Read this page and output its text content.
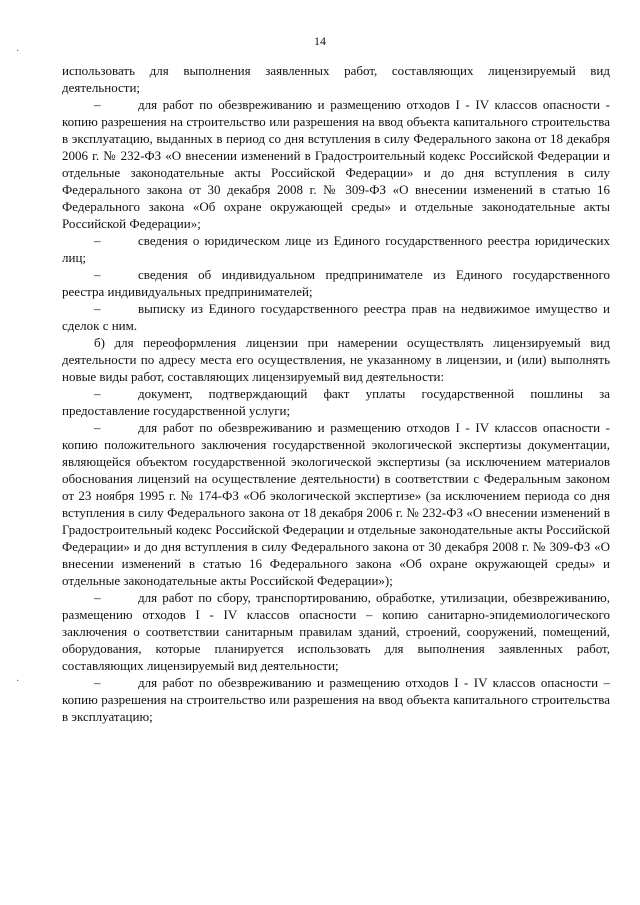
14
·
·

использовать для выполнения заявленных работ, составляющих лицензируемый вид деятельности;

–	для работ по обезвреживанию и размещению отходов I - IV классов опасности - копию разрешения на строительство или разрешения на ввод объекта капитального строительства в эксплуатацию, выданных в период со дня вступления в силу Федерального закона от 18 декабря 2006 г. № 232-ФЗ «О внесении изменений в Градостроительный кодекс Российской Федерации и отдельные законодательные акты Российской Федерации» и до дня вступления в силу Федерального закона от 30 декабря 2008 г. № 309-ФЗ «О внесении изменений в статью 16 Федерального закона «Об охране окружающей среды» и отдельные законодательные акты Российской Федерации»;

–	сведения о юридическом лице из Единого государственного реестра юридических лиц;

–	сведения об индивидуальном предпринимателе из Единого государственного реестра индивидуальных предпринимателей;

–	выписку из Единого государственного реестра прав на недвижимое имущество и сделок с ним.

б) для переоформления лицензии при намерении осуществлять лицензируемый вид деятельности по адресу места его осуществления, не указанному в лицензии, и (или) выполнять новые виды работ, составляющих лицензируемый вид деятельности:

–	документ, подтверждающий факт уплаты государственной пошлины за предоставление государственной услуги;

–	для работ по обезвреживанию и размещению отходов I - IV классов опасности - копию положительного заключения государственной экологической экспертизы документации, являющейся объектом государственной экологической экспертизы (за исключением материалов обоснования лицензий на осуществление деятельности) в соответствии с Федеральным законом от 23 ноября 1995 г. № 174-ФЗ «Об экологической экспертизе» (за исключением периода со дня вступления в силу Федерального закона от 18 декабря 2006 г. № 232-ФЗ «О внесении изменений в Градостроительный кодекс Российской Федерации и отдельные законодательные акты Российской Федерации» и до дня вступления в силу Федерального закона от 30 декабря 2008 г. № 309-ФЗ «О внесении изменений в статью 16 Федерального закона «Об охране окружающей среды» и отдельные законодательные акты Российской Федерации»);

–	для работ по сбору, транспортированию, обработке, утилизации, обезвреживанию, размещению отходов I - IV классов опасности – копию санитарно-эпидемиологического заключения о соответствии санитарным правилам зданий, строений, сооружений, помещений, оборудования, которые планируется использовать для выполнения заявленных работ, составляющих лицензируемый вид деятельности;

–	для работ по обезвреживанию и размещению отходов I - IV классов опасности – копию разрешения на строительство или разрешения на ввод объекта капитального строительства в эксплуатацию;
